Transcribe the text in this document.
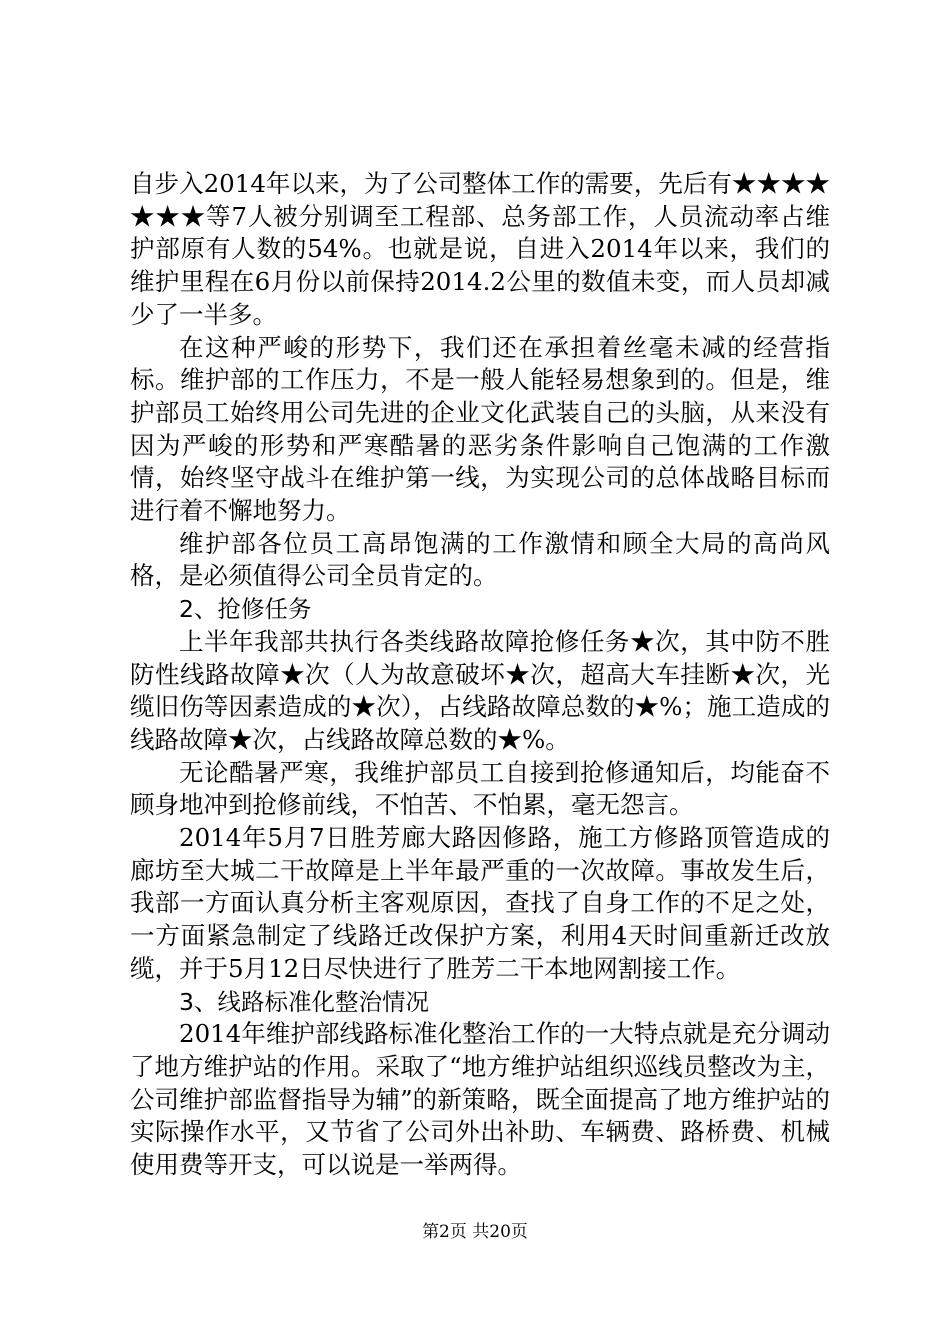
自步入2014年以来，为了公司整体工作的需要，先后有★★★★★★★等7人被分别调至工程部、总务部工作，人员流动率占维护部原有人数的54%。也就是说，自进入2014年以来，我们的维护里程在6月份以前保持2014.2公里的数值未变，而人员却减少了一半多。

在这种严峻的形势下，我们还在承担着丝毫未减的经营指标。维护部的工作压力，不是一般人能轻易想象到的。但是，维护部员工始终用公司先进的企业文化武装自己的头脑，从来没有因为严峻的形势和严寒酷暑的恶劣条件影响自己饱满的工作激情，始终坚守战斗在维护第一线，为实现公司的总体战略目标而进行着不懈地努力。

维护部各位员工高昂饱满的工作激情和顾全大局的高尚风格，是必须值得公司全员肯定的。

2、抢修任务

上半年我部共执行各类线路故障抢修任务★次，其中防不胜防性线路故障★次（人为故意破坏★次，超高大车挂断★次，光缆旧伤等因素造成的★次），占线路故障总数的★%；施工造成的线路故障★次，占线路故障总数的★%。

无论酷暑严寒，我维护部员工自接到抢修通知后，均能奋不顾身地冲到抢修前线，不怕苦、不怕累，毫无怨言。

2014年5月7日胜芳廊大路因修路，施工方修路顶管造成的廊坊至大城二干故障是上半年最严重的一次故障。事故发生后，我部一方面认真分析主客观原因，查找了自身工作的不足之处，一方面紧急制定了线路迁改保护方案，利用4天时间重新迁改放缆，并于5月12日尽快进行了胜芳二干本地网割接工作。

3、线路标准化整治情况

2014年维护部线路标准化整治工作的一大特点就是充分调动了地方维护站的作用。采取了“地方维护站组织巡线员整改为主，公司维护部监督指导为辅”的新策略，既全面提高了地方维护站的实际操作水平，又节省了公司外出补助、车辆费、路桥费、机械使用费等开支，可以说是一举两得。

第2页 共20页
